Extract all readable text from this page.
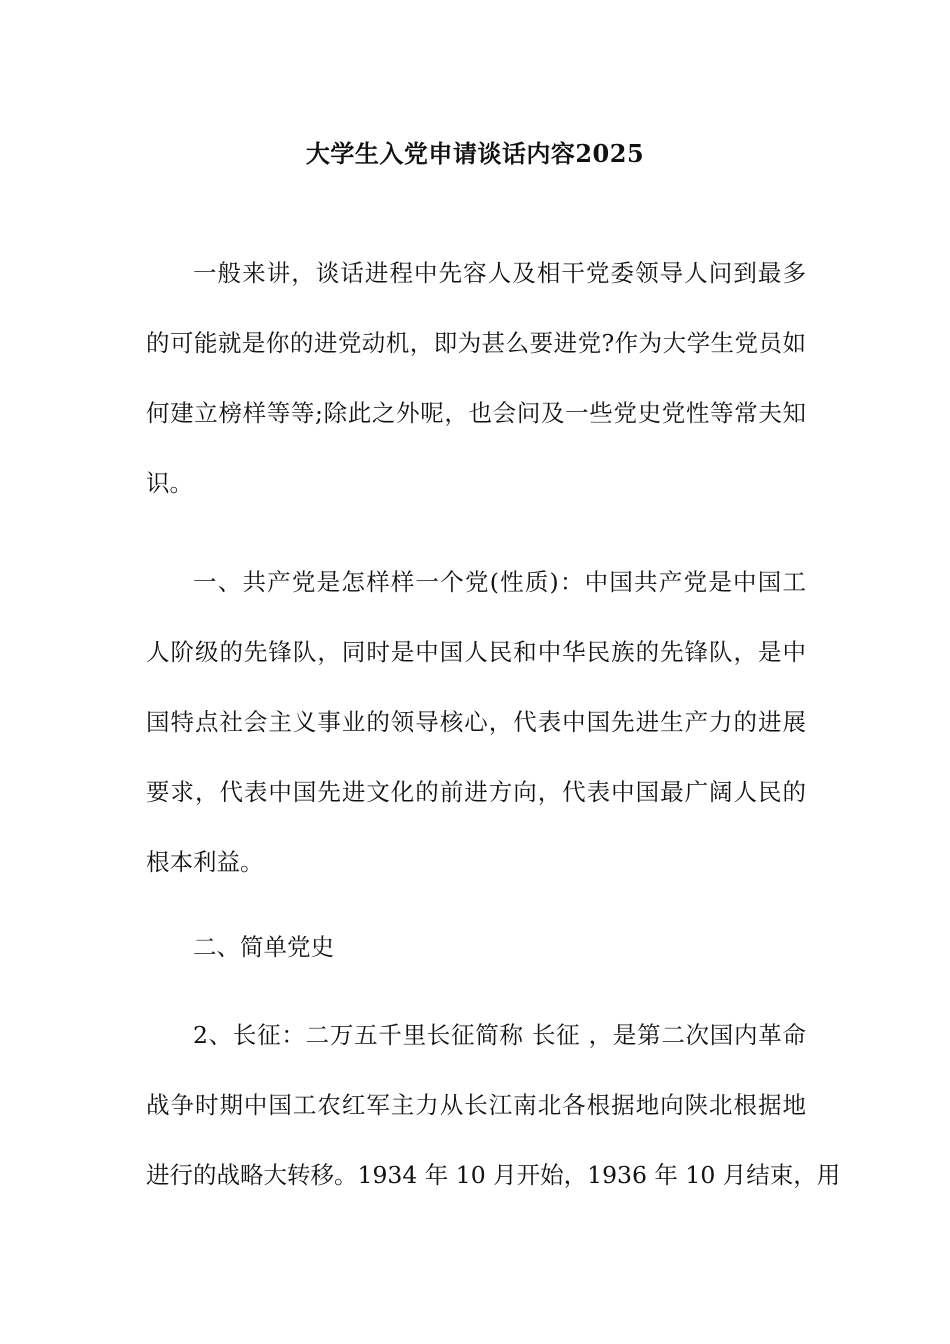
大学生入党申请谈话内容2025
一般来讲，谈话进程中先容人及相干党委领导人问到最多
的可能就是你的进党动机，即为甚么要进党?作为大学生党员如
何建立榜样等等;除此之外呢，也会问及一些党史党性等常夫知
识。
一、共产党是怎样样一个党(性质)：中国共产党是中国工
人阶级的先锋队，同时是中国人民和中华民族的先锋队，是中
国特点社会主义事业的领导核心，代表中国先进生产力的进展
要求，代表中国先进文化的前进方向，代表中国最广阔人民的
根本利益。
二、简单党史
2、长征：二万五千里长征简称 长征 ，是第二次国内革命
战争时期中国工农红军主力从长江南北各根据地向陕北根据地
进行的战略大转移。1934 年 10 月开始，1936 年 10 月结束，用
